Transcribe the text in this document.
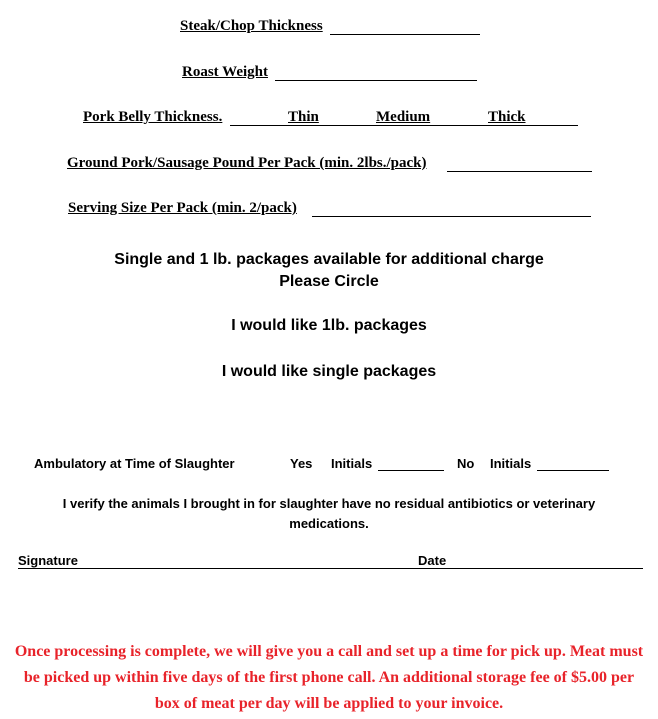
Steak/Chop Thickness
Roast Weight
Pork Belly Thickness.	Thin	Medium	Thick
Ground Pork/Sausage Pound Per Pack (min. 2lbs./pack)
Serving Size Per Pack (min. 2/pack)
Single and 1 lb. packages available for additional charge
Please Circle
I would like 1lb. packages
I would like single packages
Ambulatory at Time of Slaughter	Yes Initials	No Initials
I verify the animals I brought in for slaughter have no residual antibiotics or veterinary
medications.
Signature	Date
Once processing is complete, we will give you a call and set up a time for pick up. Meat must
be picked up within five days of the first phone call. An additional storage fee of $5.00 per
box of meat per day will be applied to your invoice.
